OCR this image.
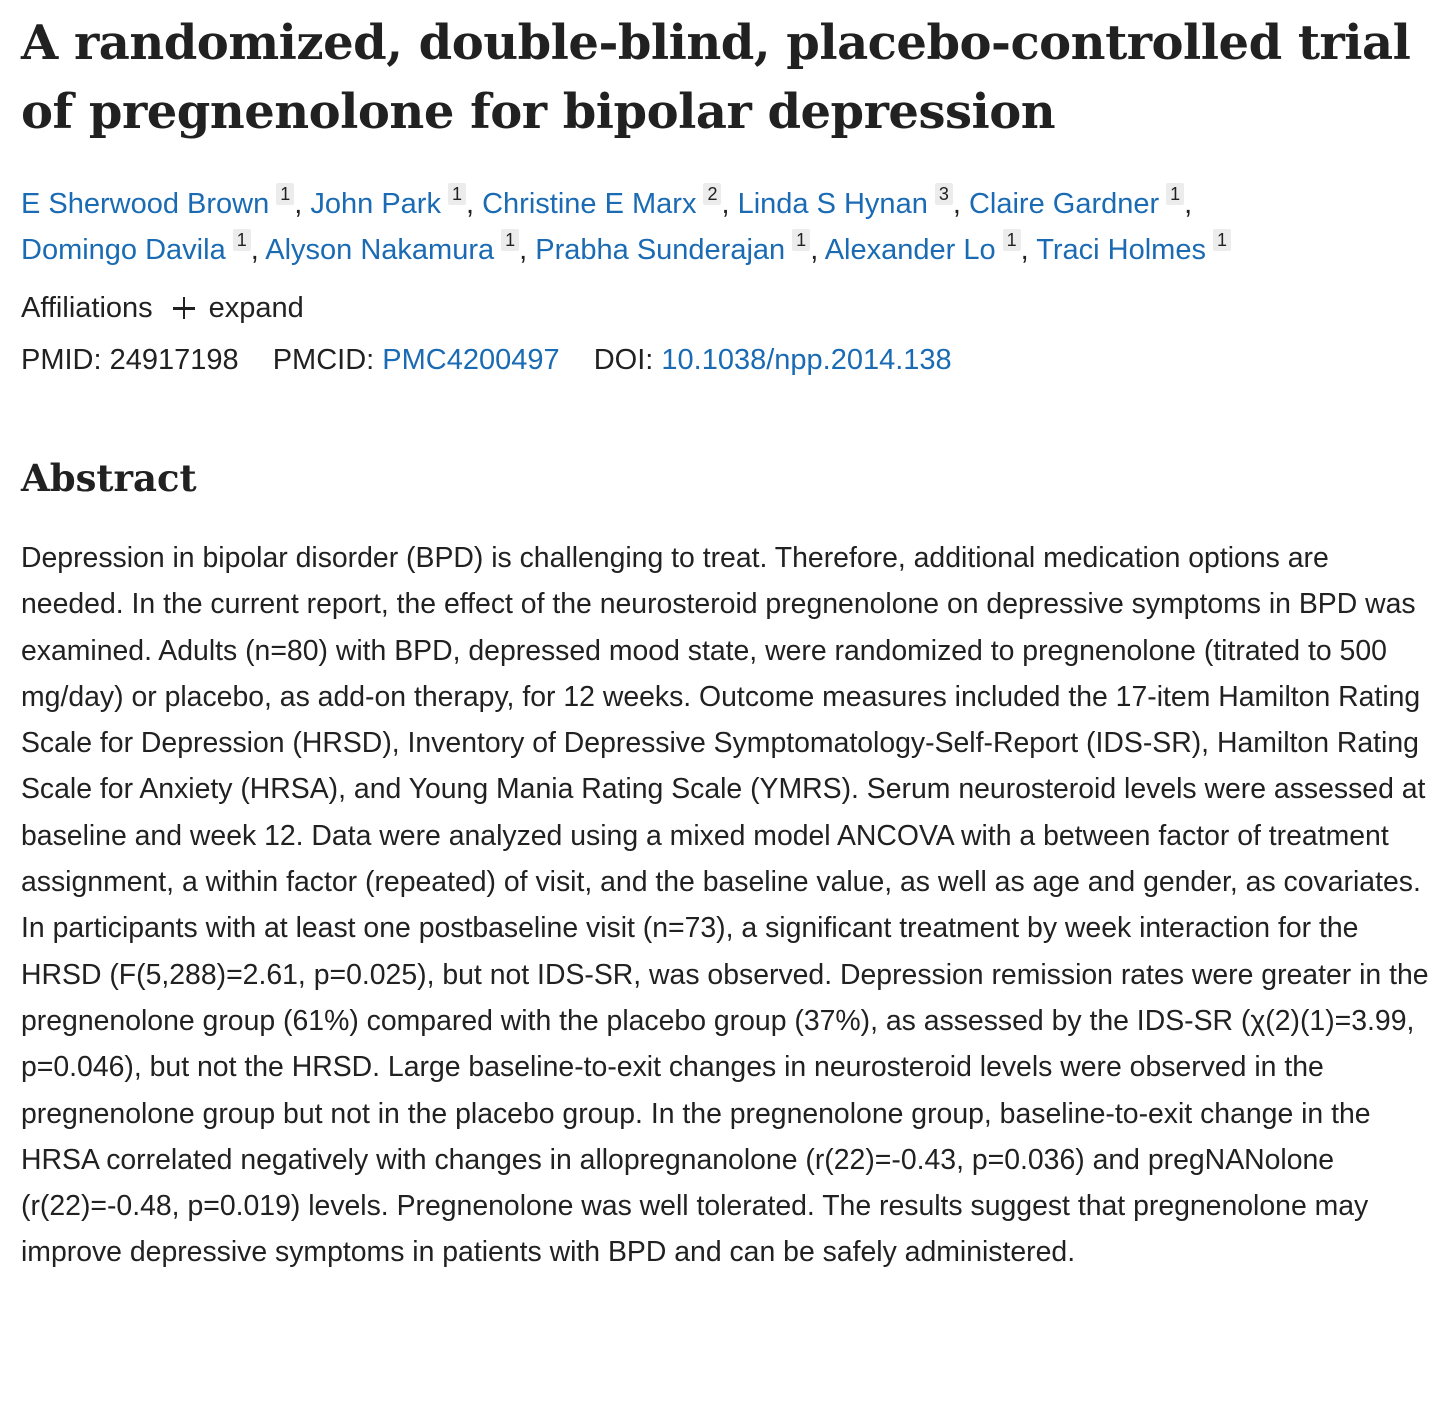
A randomized, double-blind, placebo-controlled trial of pregnenolone for bipolar depression
E Sherwood Brown 1 , John Park 1 , Christine E Marx 2 , Linda S Hynan 3 , Claire Gardner 1 ,
Domingo Davila 1 , Alyson Nakamura 1 , Prabha Sunderajan 1 , Alexander Lo 1 , Traci Holmes 1
Affiliations expand
PMID: 24917198 PMCID: PMC4200497 DOI: 10.1038/npp.2014.138
Abstract

Depression in bipolar disorder (BPD) is challenging to treat. Therefore, additional medication options are needed. In the current report, the effect of the neurosteroid pregnenolone on depressive symptoms in BPD was examined. Adults (n=80) with BPD, depressed mood state, were randomized to pregnenolone (titrated to 500 mg/day) or placebo, as add-on therapy, for 12 weeks. Outcome measures included the 17-item Hamilton Rating Scale for Depression (HRSD), Inventory of Depressive Symptomatology-Self-Report (IDS-SR), Hamilton Rating Scale for Anxiety (HRSA), and Young Mania Rating Scale (YMRS). Serum neurosteroid levels were assessed at baseline and week 12. Data were analyzed using a mixed model ANCOVA with a between factor of treatment assignment, a within factor (repeated) of visit, and the baseline value, as well as age and gender, as covariates. In participants with at least one postbaseline visit (n=73), a significant treatment by week interaction for the HRSD (F(5,288)=2.61, p=0.025), but not IDS-SR, was observed. Depression remission rates were greater in the pregnenolone group (61%) compared with the placebo group (37%), as assessed by the IDS-SR (χ(2)(1)=3.99, p=0.046), but not the HRSD. Large baseline-to-exit changes in neurosteroid levels were observed in the pregnenolone group but not in the placebo group. In the pregnenolone group, baseline-to-exit change in the HRSA correlated negatively with changes in allopregnanolone (r(22)=-0.43, p=0.036) and pregNANolone (r(22)=-0.48, p=0.019) levels. Pregnenolone was well tolerated. The results suggest that pregnenolone may improve depressive symptoms in patients with BPD and can be safely administered.
